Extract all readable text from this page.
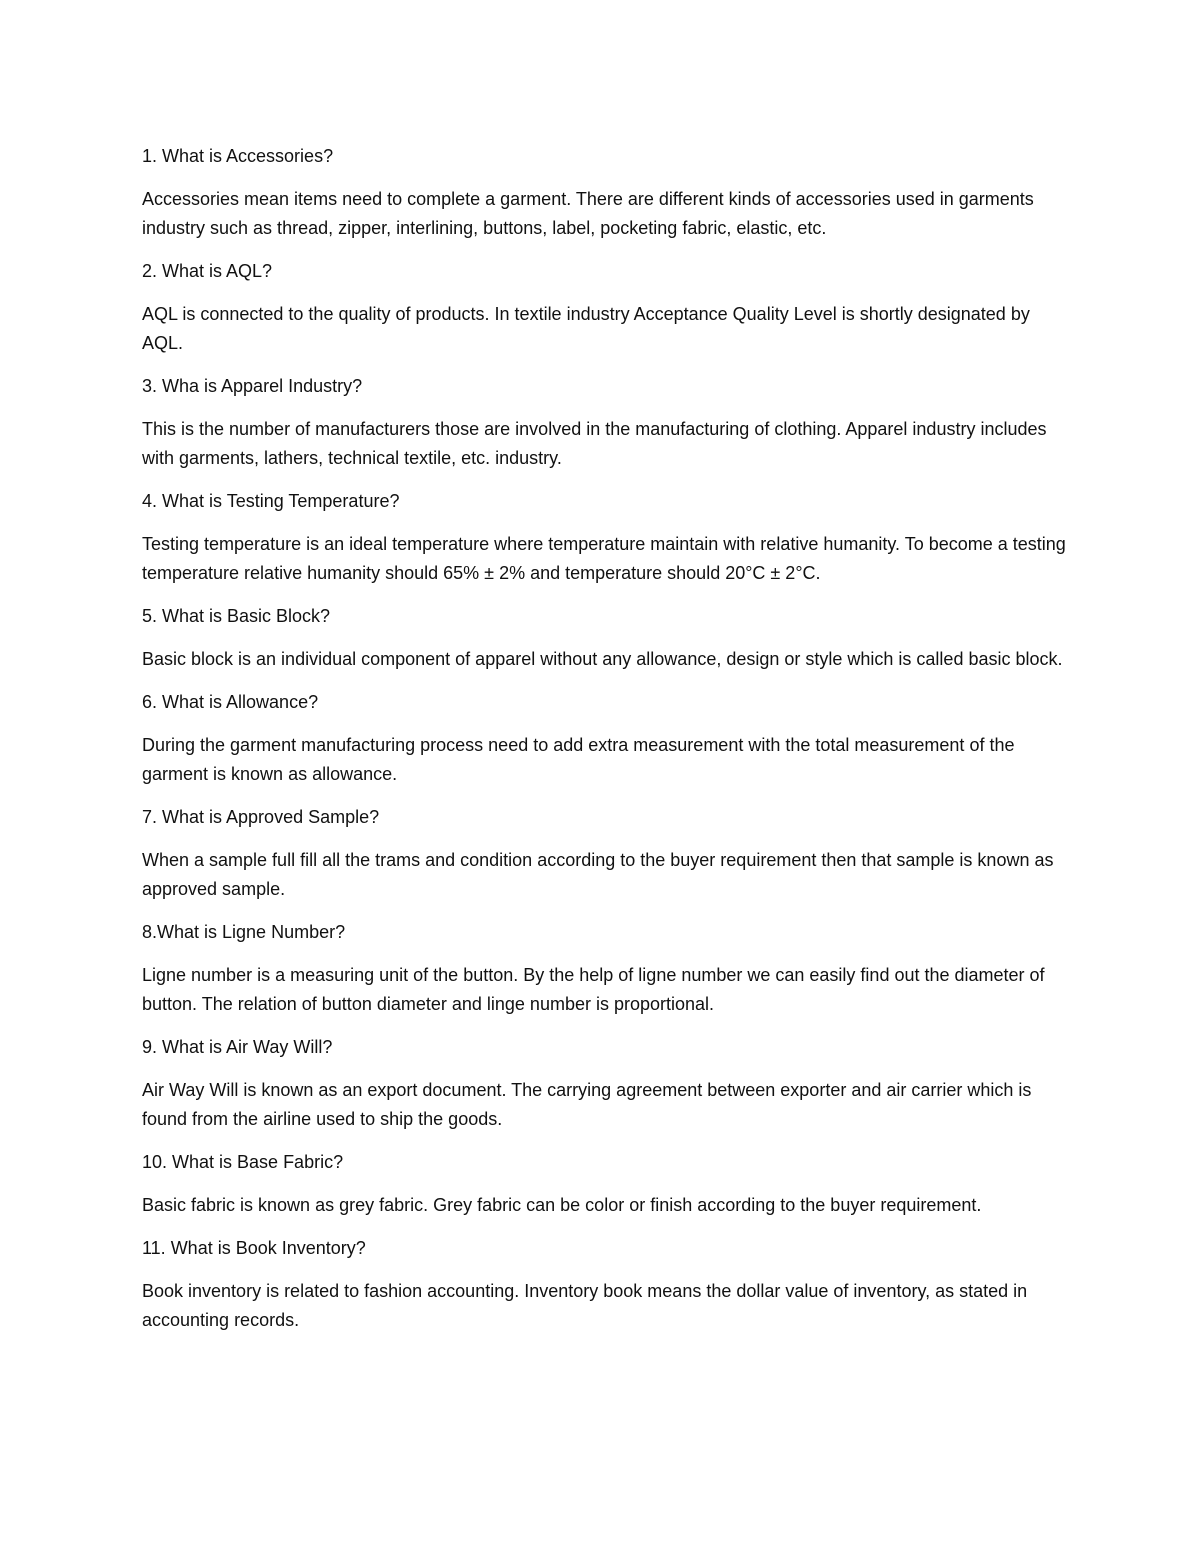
1. What is Accessories?

Accessories mean items need to complete a garment. There are different kinds of accessories used in garments industry such as thread, zipper, interlining, buttons, label, pocketing fabric, elastic, etc.

2. What is AQL?

AQL is connected to the quality of products. In textile industry Acceptance Quality Level is shortly designated by AQL.

3. Wha is Apparel Industry?

This is the number of manufacturers those are involved in the manufacturing of clothing. Apparel industry includes with garments, lathers, technical textile, etc. industry.

4. What is Testing Temperature?

Testing temperature is an ideal temperature where temperature maintain with relative humanity. To become a testing temperature relative humanity should 65% ± 2% and temperature should 20°C ± 2°C.

5. What is Basic Block?

Basic block is an individual component of apparel without any allowance, design or style which is called basic block.

6. What is Allowance?

During the garment manufacturing process need to add extra measurement with the total measurement of the garment is known as allowance.

7. What is Approved Sample?

When a sample full fill all the trams and condition according to the buyer requirement then that sample is known as approved sample.

8.What is Ligne Number?

Ligne number is a measuring unit of the button. By the help of ligne number we can easily find out the diameter of button. The relation of button diameter and linge number is proportional.

9. What is Air Way Will?

Air Way Will is known as an export document. The carrying agreement between exporter and air carrier which is found from the airline used to ship the goods.

10. What is Base Fabric?

Basic fabric is known as grey fabric. Grey fabric can be color or finish according to the buyer requirement.

11. What is Book Inventory?

Book inventory is related to fashion accounting. Inventory book means the dollar value of inventory, as stated in accounting records.
